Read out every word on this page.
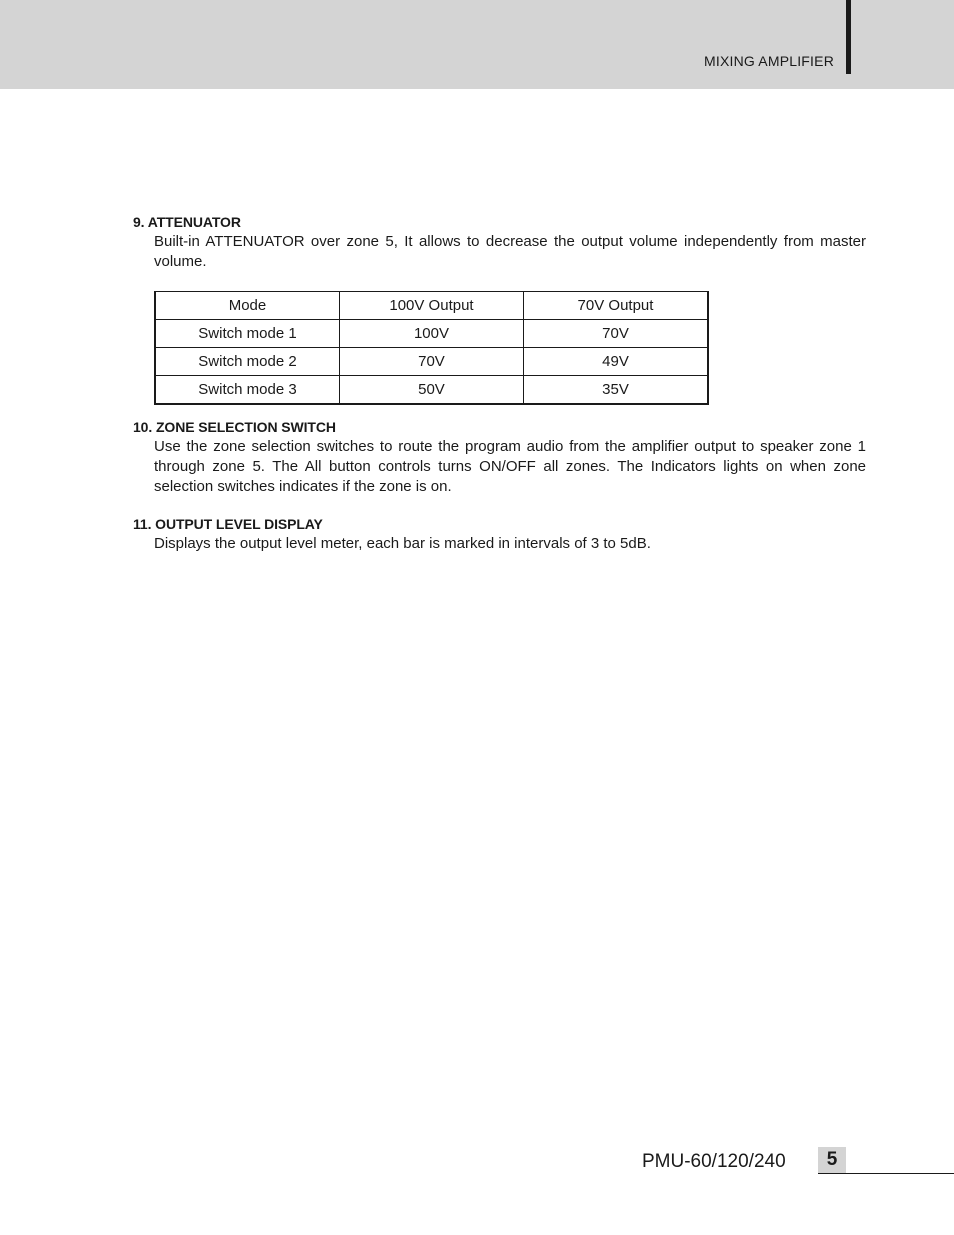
MIXING AMPLIFIER

9. ATTENUATOR

Built-in ATTENUATOR over zone 5, It allows to decrease the output volume independently from master volume.

Mode	100V Output	70V Output
Switch mode 1	100V	70V
Switch mode 2	70V	49V
Switch mode 3	50V	35V

10. ZONE SELECTION SWITCH

Use the zone selection switches to route the program audio from the amplifier output to speaker zone 1 through zone 5. The All button controls turns ON/OFF all zones. The Indicators lights on when zone selection switches indicates if the zone is on.

11. OUTPUT LEVEL DISPLAY

Displays the output level meter, each bar is marked in intervals of 3 to 5dB.

PMU-60/120/240	5
